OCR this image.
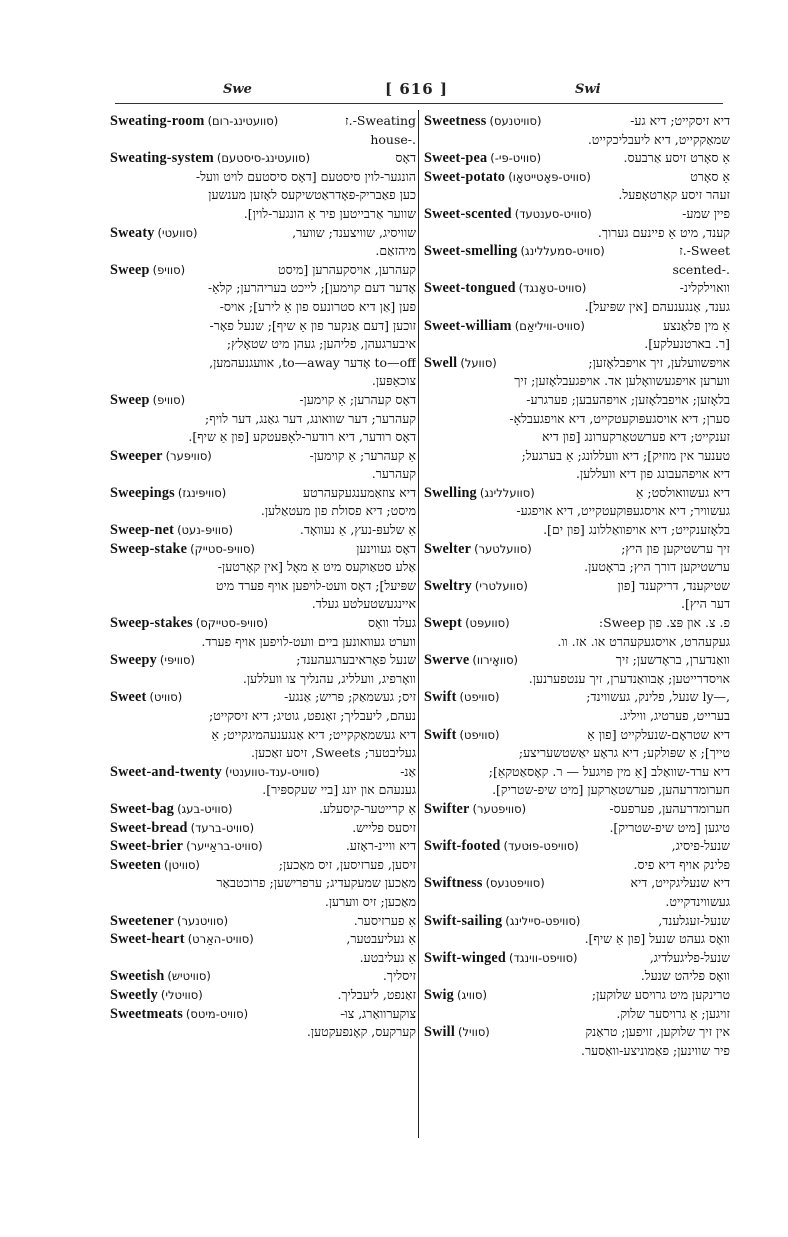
Swe	[ 616 ]	Swi
Sweating-room (סוועטינג-רום)	Sweating-.ז
.-house
Sweating-system (סוועטינג-סיסטעם)	דאָס
הונגער-לוין סיסטעם [דאָס סיסטעם לויט וועל-
כען פאַבריק-פאָדראַטשיקעס לאָזען מענשען
שווער אַרבייטען פיר אַ הונגער-לוין].
Sweaty (סוועטי)	שוויסיג, שוויצענד; שווער,
מיהזאַם.
Sweep (סוויפ)	קעהרען, אויסקעהרען [מיסט
אָדער דעם קוימען]; לייכט בעריהרען; קלאַ-
פען [אַן דיא סטרונעס פון אַ לירע]; אויס-
זוכען [דעם אַנקער פון אַ שיף]; שנעל פאָר-
איבערגעהן, פליהען; געהן מיט שטאָלץ;
to—off אָדער to—away, אוועגנעהמען,
צוכאַפּען.
Sweep (סוויפ)	דאָס קעהרען; אַ קוימען-
קעהרער; דער שוואונג, דער גאַנג, דער לויף;
דאָס רודער, דיא רודער-לאָפּעטקע [פון אַ שיף].
Sweeper (סוויפּער)	אַ קעהרער; אַ קוימען-
קעהרער.
Sweepings (סוויפּינגז)	דיא צוזאַמענגעקעהרטע
מיסט; דיא פסולת פון מעטאַלען.
Sweep-net (סוויפּ-נעט)	אַ שלעפּ-נעץ, אַ נעוואָד.
Sweep-stake (סוויפּ-סטייק)	דאָס געווינען
אַלע סטאַוקעס מיט אַ מאָל [אין קאָרטען-
שפּיעל]; דאָס וועט-לויפען אויף פערד מיט
איינגעשטעלטע געלד.
Sweep-stakes (סוויפּ-סטייקס)	געלד וואָס
ווערט געוואונען ביים וועט-לויפען אויף פערד.
Sweepy (סוויפּי)	שנעל פאָראיבערגעהענד;
וואָרפיג, וועלליג, עהנליך צו וועללען.
Sweet (סוויט)	זיס; געשמאַק; פריש; אַנגע-
נעהם, ליעבליך; זאַנפט, גוטיג; דיא זיסקייט;
דיא געשמאַקקייט; דיא אַנגענעהמיגקייט; אַ
געליבטער; Sweets, זיסע זאַכען.
Sweet-and-twenty (סוויט-ענד-טווענטי)	אַנ-
גענעהם און יונג [ביי שעקספּיר].
Sweet-bag (סוויט-בעג)	אַ קרייטער-קיסעלע.
Sweet-bread (סוויט-ברעד)	זיסעס פלייש.
Sweet-brier (סוויט-בראַייער)	דיא וויינ-ראָזע.
Sweeten (סוויטן)	זיסען, פערזיסען, זיס מאַכען;
מאַכען שמעקעדיג; ערפרישען; פרוכטבאַר
מאַכען; זיס ווערען.
Sweetener (סוויטנער)	אַ פערזיסער.
Sweet-heart (סוויט-האַרט)	אַ געליעבטער,
אַ געליבטע.
Sweetish (סוויטיש)	זיסליך.
Sweetly (סוויטלי)	זאַנפט, ליעבליך.
Sweetmeats (סוויט-מיטס)	צוקערוואַרג, צוּ-
קערקעס, קאָנפעקטען.
Sweetness (סוויטנעס)	דיא זיסקייט; דיא גע-
שמאַקקייט, דיא ליעבליכקייט.
Sweet-pea (סוויט-פּי-)	אַ סאָרט זיסע אַרבעס.
Sweet-potato (סוויט-פּאָטייטאָו)	אַ סאָרט
זעהר זיסע קאַרטאָפעל.
Sweet-scented (סוויט-סענטעד)	פיין שמע-
קענד, מיט אַ פיינעם גערוך.
Sweet-smelling (סוויט-סמעללינג)	Sweet-.ז
.-scented
Sweet-tongued (סוויט-טאָנגד)	וואוילקלינ-
גענד, אַנגענעהם [אין שפּיעל].
Sweet-william (סוויט-וויליאַם)	אַ מין פלאַנצע
[ר. בארטנעלקע].
Swell (סוועל)	אויפשוועלען, זיך אויפבלאָזען;
ווערען אויפגעשוואָלען אד. אויפגעבלאָזען; זיך
בלאָזען; אויפבלאָזען; אויפהעבען; פערגרע-
סערן; דיא אויסגעפּוקעטקייט, דיא אויפגעבלאָ-
זענקייט; דיא פערשטאַרקערונג [פון דיא
טענער אין מוזיק]; דיא וועללונג; אַ בערגעל;
דיא אויפהעבונג פון דיא וועללען.
Swelling (סוועללינג)	דיא געשוואולסט; אַ
געשוויר; דיא אויסגעפּוקעטקייט, דיא אויפגע-
בלאָזענקייט; דיא אויפוואַללונג [פון ים].
Swelter (סוועלטער)	זיך ערשטיקען פון היץ;
ערשטיקען דורך היץ; בראָטען.
Sweltry (סוועלטרי)	שטיקענד, דריקענד [פון
דער היץ].
Swept (סוועפּט)	פ. צ. און פּצ. פון Sweep:
געקעהרט, אויסגעקעהרט או. אז. וו.
Swerve (סוואָירוו)	וואַנדערן, בראָדשען; זיך
אויסדרייטען; אָבוואַנדערן, זיך ענטפערנען.
Swift (סוויפט)	,—ly שנעל, פלינק, געשווינד;
בערייט, פערטיג, וויליג.
Swift (סוויפט)	דיא שטראָם-שנעלקייט [פון אַ
טייך]; אַ שפּולקע; דיא גראָע יאַשטשעריצע;
דיא ערד-שוואַלב [אַ מין פויגעל — ר. קאָסאַטקאַ];
חערומדרעהען, פערשטאַרקען [מיט שיפ-שטריק].
Swifter (סוויפטער)	חערומדרעהען, פערפעס-
טיגען [מיט שיפ-שטריק].
Swift-footed (סוויפט-פוּטעד)	שנעל-פיסיג,
פלינק אויף דיא פיס.
Swiftness (סוויפטנעס)	דיא שנעליגקייט, דיא
געשווינדקייט.
Swift-sailing (סוויפט-סיילינג)	שנעל-זעגלענד,
וואָס געהט שנעל [פון אַ שיף].
Swift-winged (סוויפט-ווינגד)	שנעל-פליגעלדיג,
וואָס פליהט שנעל.
Swig (סוויג)	טרינקען מיט גרויסע שלוקען;
זויגען; אַ גרויסער שלוק.
Swill (סוויל)	אין זיך שלוקען, זויפען; טראַנק
פיר שווינען; פאַמוניצע-וואַסער.
